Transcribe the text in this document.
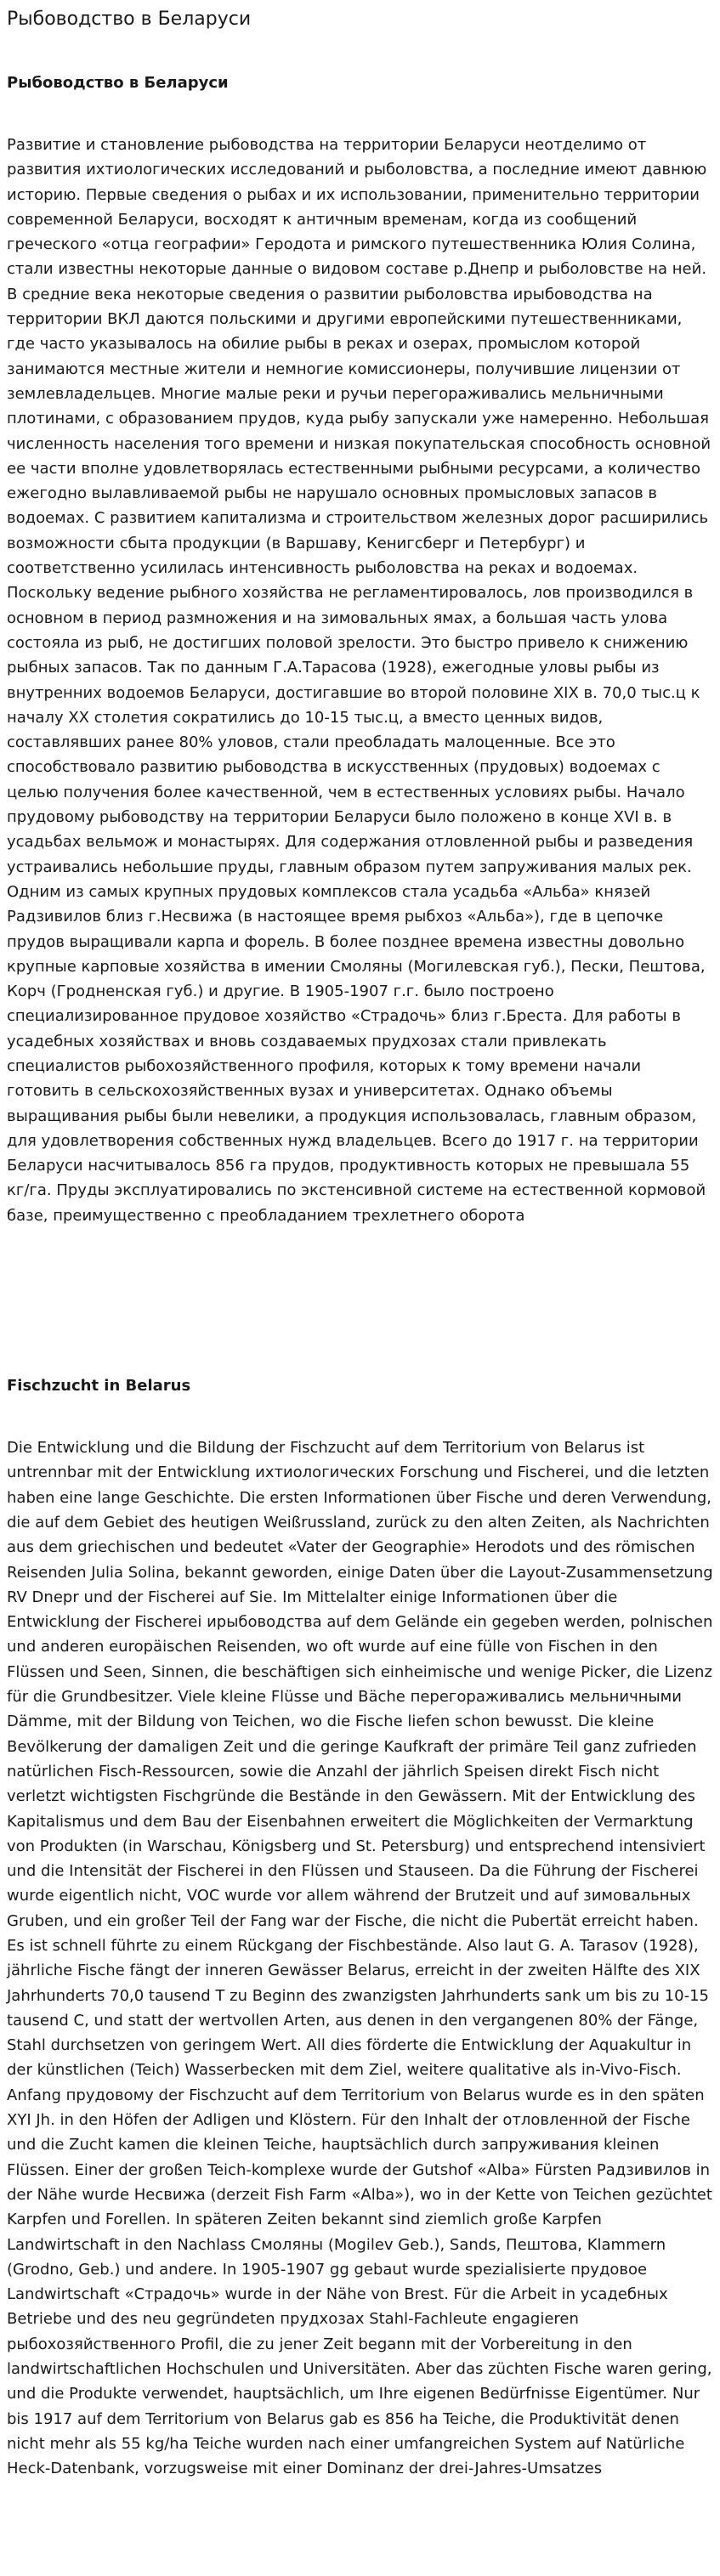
Рыбоводство в Беларуси
Рыбоводство в Беларуси

Развитие и становление рыбоводства на территории Беларуси неотделимо от развития ихтиологических исследований и рыболовства, а последние имеют давнюю историю. Первые сведения о рыбах и их использовании, применительно территории современной Беларуси, восходят к античным временам, когда из сообщений греческого «отца географии» Геродота и римского путешественника Юлия Солина, стали известны некоторые данные о видовом составе р.Днепр и рыболовстве на ней. В средние века некоторые сведения о развитии рыболовства ирыбоводства на территории ВКЛ даются польскими и другими европейскими путешественниками, где часто указывалось на обилие рыбы в реках и озерах, промыслом которой занимаются местные жители и немногие комиссионеры, получившие лицензии от землевладельцев. Многие малые реки и ручьи перегораживались мельничными плотинами, с образованием прудов, куда рыбу запускали уже намеренно. Небольшая численность населения того времени и низкая покупательская способность основной ее части вполне удовлетворялась естественными рыбными ресурсами, а количество ежегодно вылавливаемой рыбы не нарушало основных промысловых запасов в водоемах. С развитием капитализма и строительством железных дорог расширились возможности сбыта продукции (в Варшаву, Кенигсберг и Петербург) и соответственно усилилась интенсивность рыболовства на реках и водоемах. Поскольку ведение рыбного хозяйства не регламентировалось, лов производился в основном в период размножения и на зимовальных ямах, а большая часть улова состояла из рыб, не достигших половой зрелости. Это быстро привело к снижению рыбных запасов. Так по данным Г.А.Тарасова (1928), ежегодные уловы рыбы из внутренних водоемов Беларуси, достигавшие во второй половине XIX в. 70,0 тыс.ц к началу XX столетия сократились до 10-15 тыс.ц, а вместо ценных видов, составлявших ранее 80% уловов, стали преобладать малоценные. Все это способствовало развитию рыбоводства в искусственных (прудовых) водоемах с целью получения более качественной, чем в естественных условиях рыбы. Начало прудовому рыбоводству на территории Беларуси было положено в конце XVI в. в усадьбах вельмож и монастырях. Для содержания отловленной рыбы и разведения устраивались небольшие пруды, главным образом путем запруживания малых рек. Одним из самых крупных прудовых комплексов стала усадьба «Альба» князей Радзивилов близ г.Несвижа (в настоящее время рыбхоз «Альба»), где в цепочке прудов выращивали карпа и форель. В более позднее времена известны довольно крупные карповые хозяйства в имении Смоляны (Могилевская губ.), Пески, Пештова, Корч (Гродненская губ.) и другие. В 1905-1907 г.г. было построено специализированное прудовое хозяйство «Страдочь» близ г.Бреста. Для работы в усадебных хозяйствах и вновь создаваемых прудхозах стали привлекать специалистов рыбохозяйственного профиля, которых к тому времени начали готовить в сельскохозяйственных вузах и университетах. Однако объемы выращивания рыбы были невелики, а продукция использовалась, главным образом, для удовлетворения собственных нужд владельцев. Всего до 1917 г. на территории Беларуси насчитывалось 856 га прудов, продуктивность которых не превышала 55 кг/га. Пруды эксплуатировались по экстенсивной системе на естественной кормовой базе, преимущественно с преобладанием трехлетнего оборота

Fischzucht in Belarus

Die Entwicklung und die Bildung der Fischzucht auf dem Territorium von Belarus ist untrennbar mit der Entwicklung ихтиологических Forschung und Fischerei, und die letzten haben eine lange Geschichte. Die ersten Informationen über Fische und deren Verwendung, die auf dem Gebiet des heutigen Weißrussland, zurück zu den alten Zeiten, als Nachrichten aus dem griechischen und bedeutet «Vater der Geographie» Herodots und des römischen Reisenden Julia Solina, bekannt geworden, einige Daten über die Layout-Zusammensetzung RV Dnepr und der Fischerei auf Sie. Im Mittelalter einige Informationen über die Entwicklung der Fischerei ирыбоводства auf dem Gelände ein gegeben werden, polnischen und anderen europäischen Reisenden, wo oft wurde auf eine fülle von Fischen in den Flüssen und Seen, Sinnen, die beschäftigen sich einheimische und wenige Picker, die Lizenz für die Grundbesitzer. Viele kleine Flüsse und Bäche перегораживались мельничными Dämme, mit der Bildung von Teichen, wo die Fische liefen schon bewusst. Die kleine Bevölkerung der damaligen Zeit und die geringe Kaufkraft der primäre Teil ganz zufrieden natürlichen Fisch-Ressourcen, sowie die Anzahl der jährlich Speisen direkt Fisch nicht verletzt wichtigsten Fischgründe die Bestände in den Gewässern. Mit der Entwicklung des Kapitalismus und dem Bau der Eisenbahnen erweitert die Möglichkeiten der Vermarktung von Produkten (in Warschau, Königsberg und St. Petersburg) und entsprechend intensiviert und die Intensität der Fischerei in den Flüssen und Stauseen. Da die Führung der Fischerei wurde eigentlich nicht, VOC wurde vor allem während der Brutzeit und auf зимовальных Gruben, und ein großer Teil der Fang war der Fische, die nicht die Pubertät erreicht haben. Es ist schnell führte zu einem Rückgang der Fischbestände. Also laut G. A. Tarasov (1928), jährliche Fische fängt der inneren Gewässer Belarus, erreicht in der zweiten Hälfte des XIX Jahrhunderts 70,0 tausend T zu Beginn des zwanzigsten Jahrhunderts sank um bis zu 10-15 tausend C, und statt der wertvollen Arten, aus denen in den vergangenen 80% der Fänge, Stahl durchsetzen von geringem Wert. All dies förderte die Entwicklung der Aquakultur in der künstlichen (Teich) Wasserbecken mit dem Ziel, weitere qualitative als in-Vivo-Fisch. Anfang прудовому der Fischzucht auf dem Territorium von Belarus wurde es in den späten XYI Jh. in den Höfen der Adligen und Klöstern. Für den Inhalt der отловленной der Fische und die Zucht kamen die kleinen Teiche, hauptsächlich durch запруживания kleinen Flüssen. Einer der großen Teich-komplexe wurde der Gutshof «Alba» Fürsten Радзивилов in der Nähe wurde Несвижа (derzeit Fish Farm «Alba»), wo in der Kette von Teichen gezüchtet Karpfen und Forellen. In späteren Zeiten bekannt sind ziemlich große Karpfen Landwirtschaft in den Nachlass Смоляны (Mogilev Geb.), Sands, Пештова, Klammern (Grodno, Geb.) und andere. In 1905-1907 gg gebaut wurde spezialisierte прудовое Landwirtschaft «Страдочь» wurde in der Nähe von Brest. Für die Arbeit in усадебных Betriebe und des neu gegründeten прудхозах Stahl-Fachleute engagieren рыбохозяйственного Profil, die zu jener Zeit begann mit der Vorbereitung in den landwirtschaftlichen Hochschulen und Universitäten. Aber das züchten Fische waren gering, und die Produkte verwendet, hauptsächlich, um Ihre eigenen Bedürfnisse Eigentümer. Nur bis 1917 auf dem Territorium von Belarus gab es 856 ha Teiche, die Produktivität denen nicht mehr als 55 kg/ha Teiche wurden nach einer umfangreichen System auf Natürliche Heck-Datenbank, vorzugsweise mit einer Dominanz der drei-Jahres-Umsatzes
